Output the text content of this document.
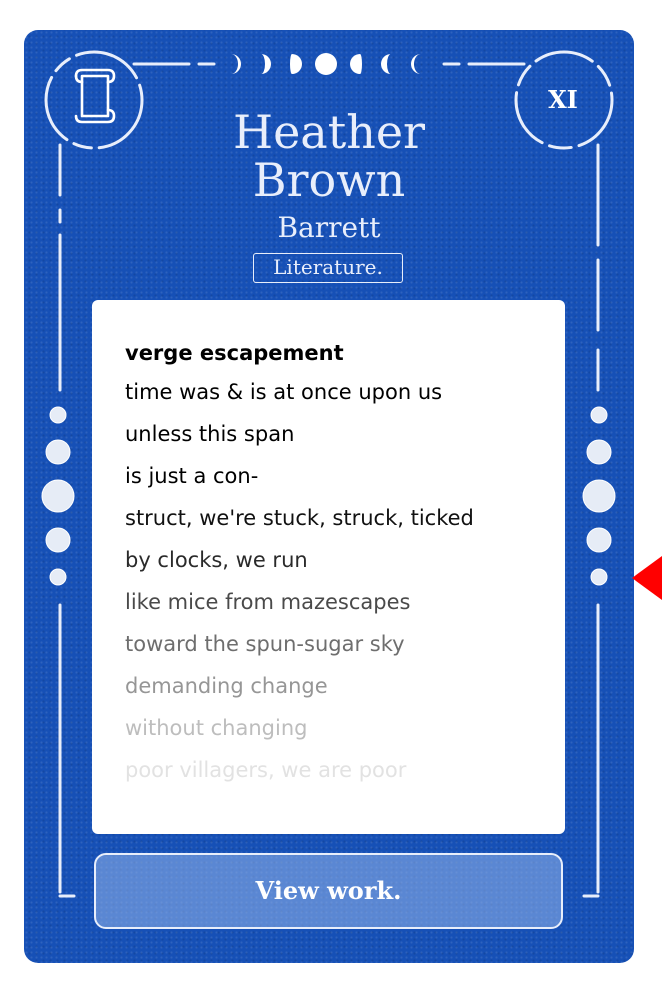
XI
Heather
Brown
Barrett
Literature.
verge escapement
time was & is at once upon us
unless this span
is just a con-
struct, we're stuck, struck, ticked
by clocks, we run
like mice from mazescapes
toward the spun-sugar sky
demanding change
without changing
poor villagers, we are poor
View work.
